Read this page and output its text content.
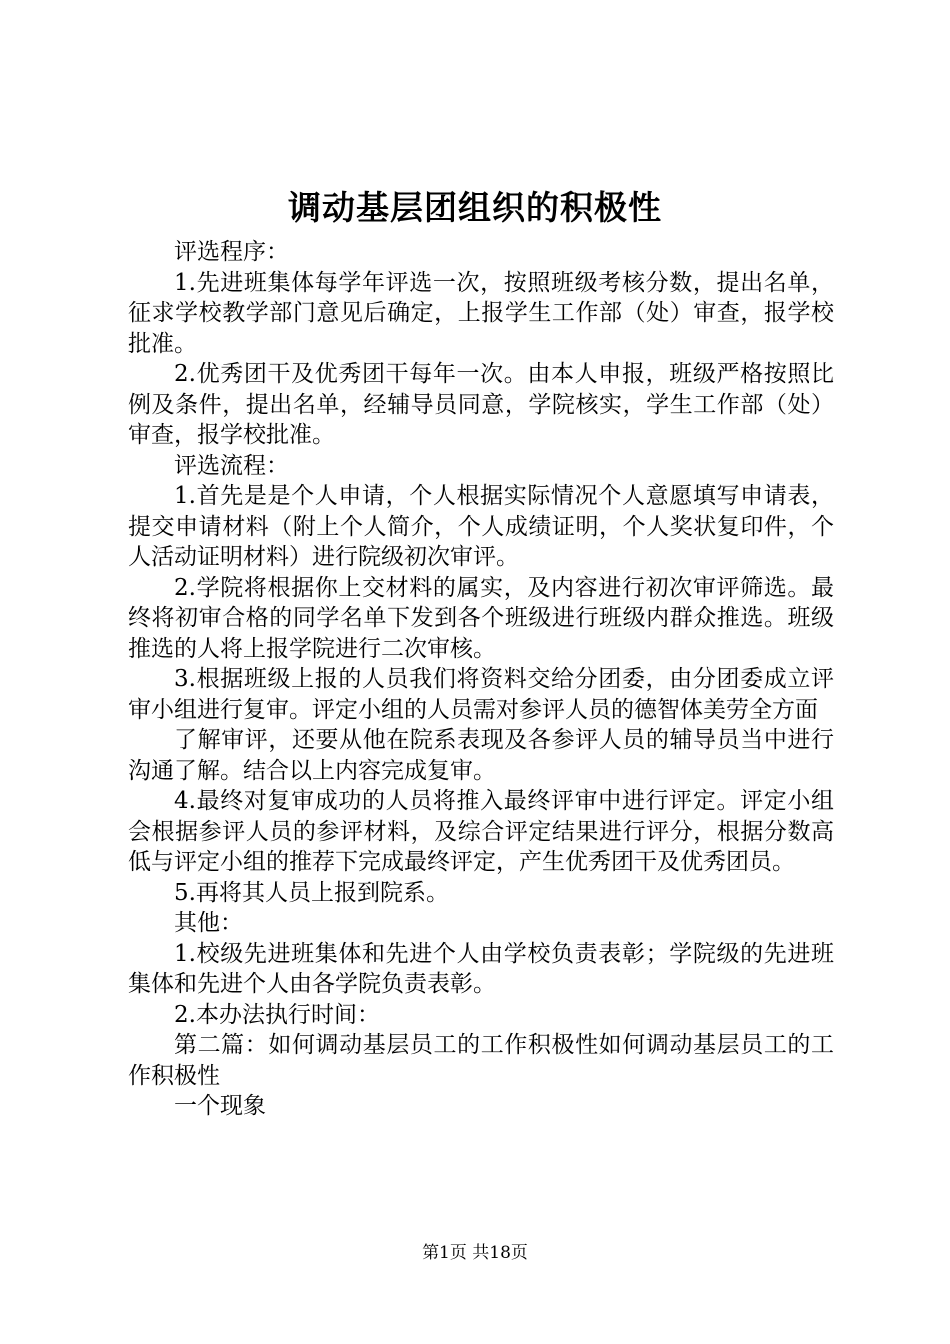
调动基层团组织的积极性

评选程序：

1.先进班集体每学年评选一次，按照班级考核分数，提出名单，征求学校教学部门意见后确定，上报学生工作部（处）审查，报学校批准。

2.优秀团干及优秀团干每年一次。由本人申报，班级严格按照比例及条件，提出名单，经辅导员同意，学院核实，学生工作部（处）审查，报学校批准。

评选流程：

1.首先是是个人申请，个人根据实际情况个人意愿填写申请表，提交申请材料（附上个人简介，个人成绩证明，个人奖状复印件，个人活动证明材料）进行院级初次审评。

2.学院将根据你上交材料的属实，及内容进行初次审评筛选。最终将初审合格的同学名单下发到各个班级进行班级内群众推选。班级推选的人将上报学院进行二次审核。

3.根据班级上报的人员我们将资料交给分团委，由分团委成立评审小组进行复审。评定小组的人员需对参评人员的德智体美劳全方面

了解审评，还要从他在院系表现及各参评人员的辅导员当中进行沟通了解。结合以上内容完成复审。

4.最终对复审成功的人员将推入最终评审中进行评定。评定小组会根据参评人员的参评材料，及综合评定结果进行评分，根据分数高低与评定小组的推荐下完成最终评定，产生优秀团干及优秀团员。

5.再将其人员上报到院系。

其他：

1.校级先进班集体和先进个人由学校负责表彰；学院级的先进班集体和先进个人由各学院负责表彰。

2.本办法执行时间：

第二篇：如何调动基层员工的工作积极性如何调动基层员工的工作积极性

一个现象

第1页 共18页
